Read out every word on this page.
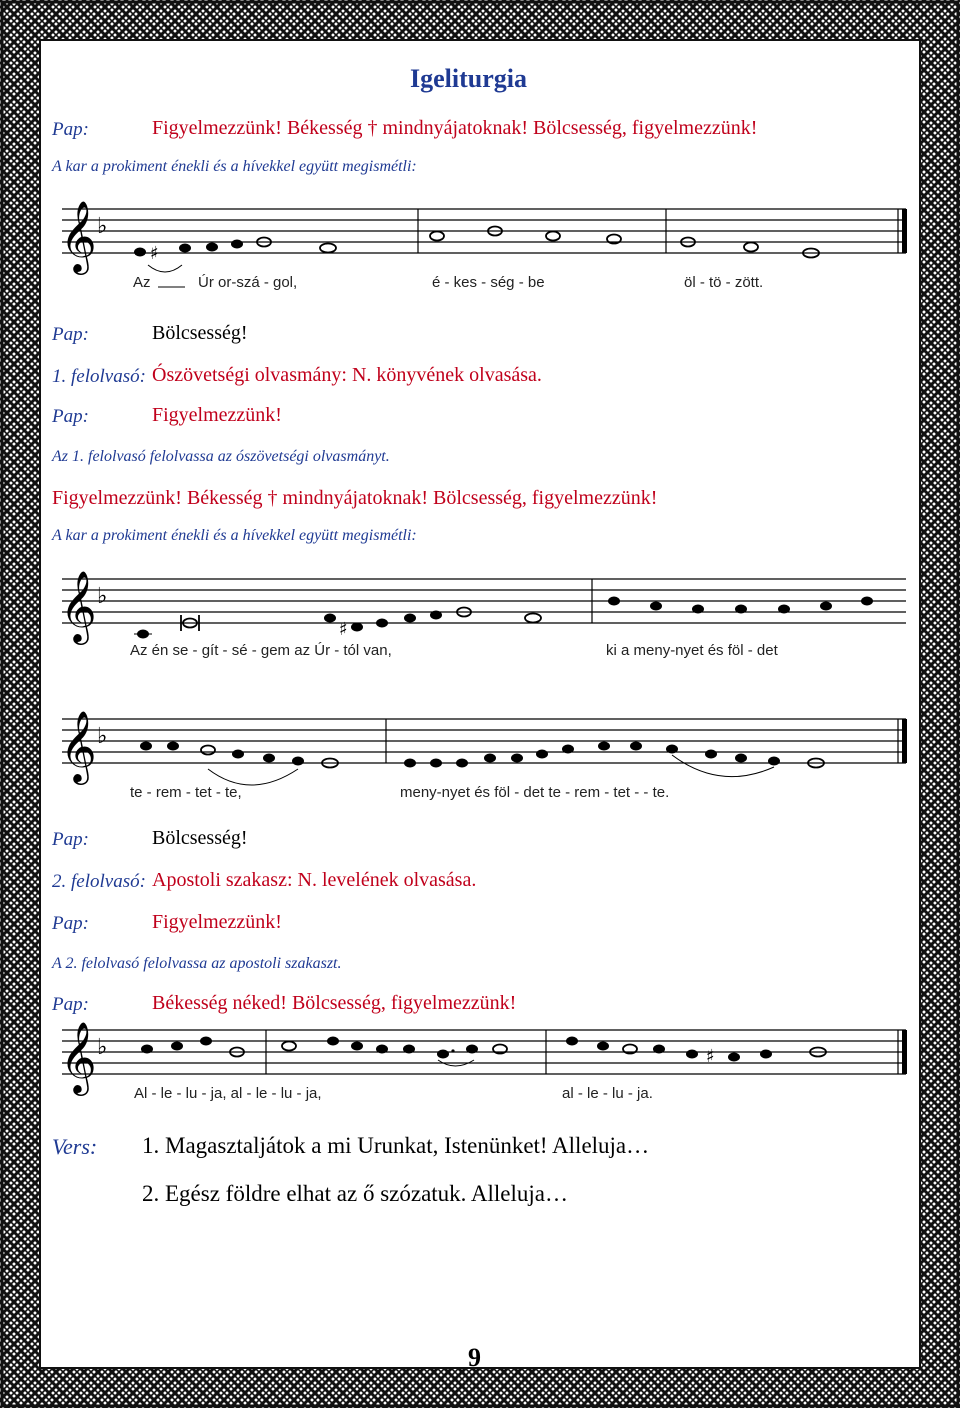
Igeliturgia
Pap:	Figyelmezzünk! Békesség † mindnyájatoknak! Bölcsesség, figyelmezzünk!
A kar a prokiment énekli és a hívekkel együtt megismétli:
𝄞 ♭
♯
Az	Úr or-szá - gol,	é - kes - ség - be	öl - tö - zött.
Pap:	Bölcsesség!
1. felolvasó: Ószövetségi olvasmány: N. könyvének olvasása.
Pap:	Figyelmezzünk!
Az 1. felolvasó felolvassa az ószövetségi olvasmányt.
Figyelmezzünk! Békesség † mindnyájatoknak! Bölcsesség, figyelmezzünk!
A kar a prokiment énekli és a hívekkel együtt megismétli:
𝄞 ♭
♯
Az én se - gít - sé - gem az Úr - tól van,	ki a meny-nyet és föl - det
𝄞 ♭
te - rem - tet - te,	meny-nyet és föl - det te - rem - tet - - te.
Pap:	Bölcsesség!
2. felolvasó: Apostoli szakasz: N. levelének olvasása.
Pap:	Figyelmezzünk!
A 2. felolvasó felolvassa az apostoli szakaszt.
Pap:	Békesség néked! Bölcsesség, figyelmezzünk!
𝄞 ♭	♯
Al - le - lu - ja, al - le - lu - ja,	al - le - lu - ja.
Vers: 1. Magasztaljátok a mi Urunkat, Istenünket! Alleluja…
2. Egész földre elhat az ő szózatuk. Alleluja…
9
